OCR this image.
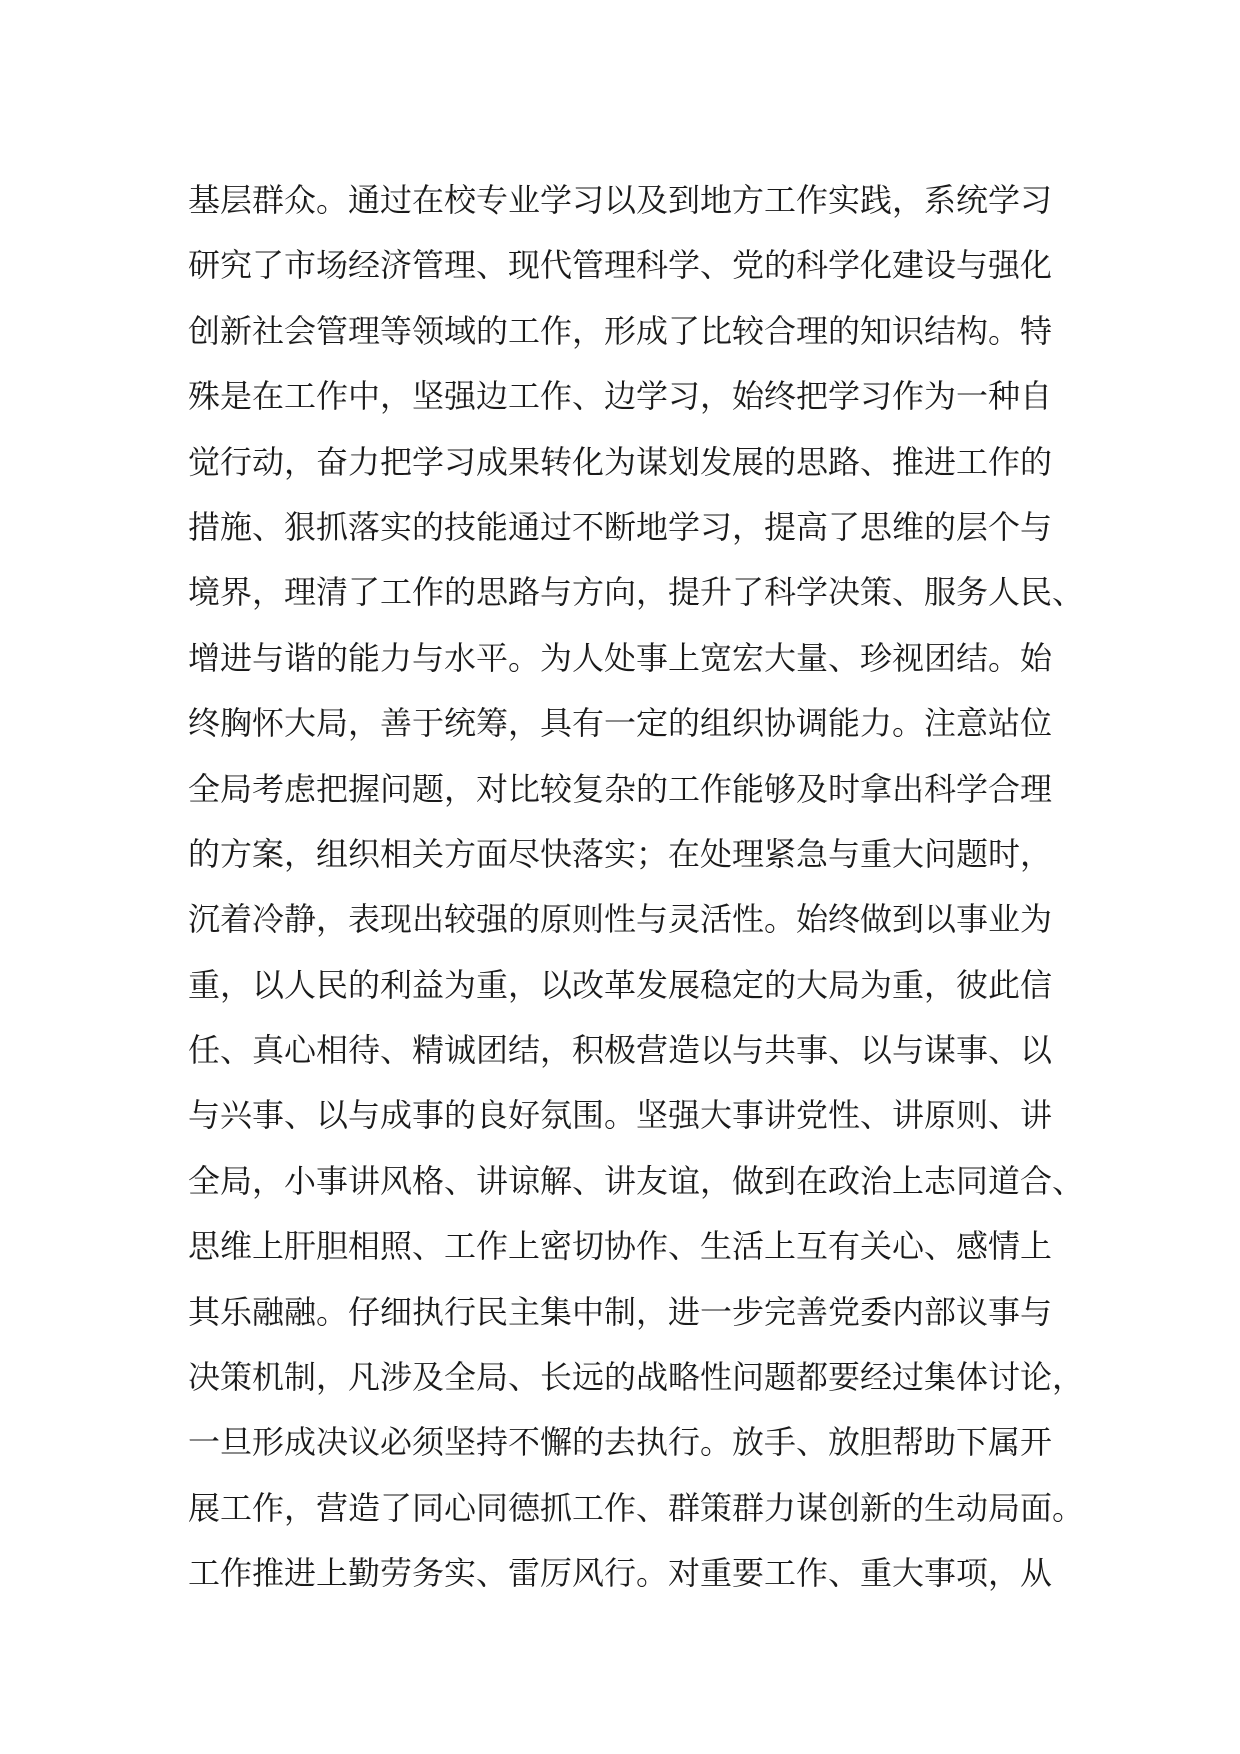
基层群众。通过在校专业学习以及到地方工作实践，系统学习
研究了市场经济管理、现代管理科学、党的科学化建设与强化
创新社会管理等领域的工作，形成了比较合理的知识结构。特
殊是在工作中，坚强边工作、边学习，始终把学习作为一种自
觉行动，奋力把学习成果转化为谋划发展的思路、推进工作的
措施、狠抓落实的技能通过不断地学习，提高了思维的层个与
境界，理清了工作的思路与方向，提升了科学决策、服务人民、
增进与谐的能力与水平。为人处事上宽宏大量、珍视团结。始
终胸怀大局，善于统筹，具有一定的组织协调能力。注意站位
全局考虑把握问题，对比较复杂的工作能够及时拿出科学合理
的方案，组织相关方面尽快落实；在处理紧急与重大问题时，
沉着冷静，表现出较强的原则性与灵活性。始终做到以事业为
重，以人民的利益为重，以改革发展稳定的大局为重，彼此信
任、真心相待、精诚团结，积极营造以与共事、以与谋事、以
与兴事、以与成事的良好氛围。坚强大事讲党性、讲原则、讲
全局，小事讲风格、讲谅解、讲友谊，做到在政治上志同道合、
思维上肝胆相照、工作上密切协作、生活上互有关心、感情上
其乐融融。仔细执行民主集中制，进一步完善党委内部议事与
决策机制，凡涉及全局、长远的战略性问题都要经过集体讨论，
一旦形成决议必须坚持不懈的去执行。放手、放胆帮助下属开
展工作，营造了同心同德抓工作、群策群力谋创新的生动局面。
工作推进上勤劳务实、雷厉风行。对重要工作、重大事项，从
